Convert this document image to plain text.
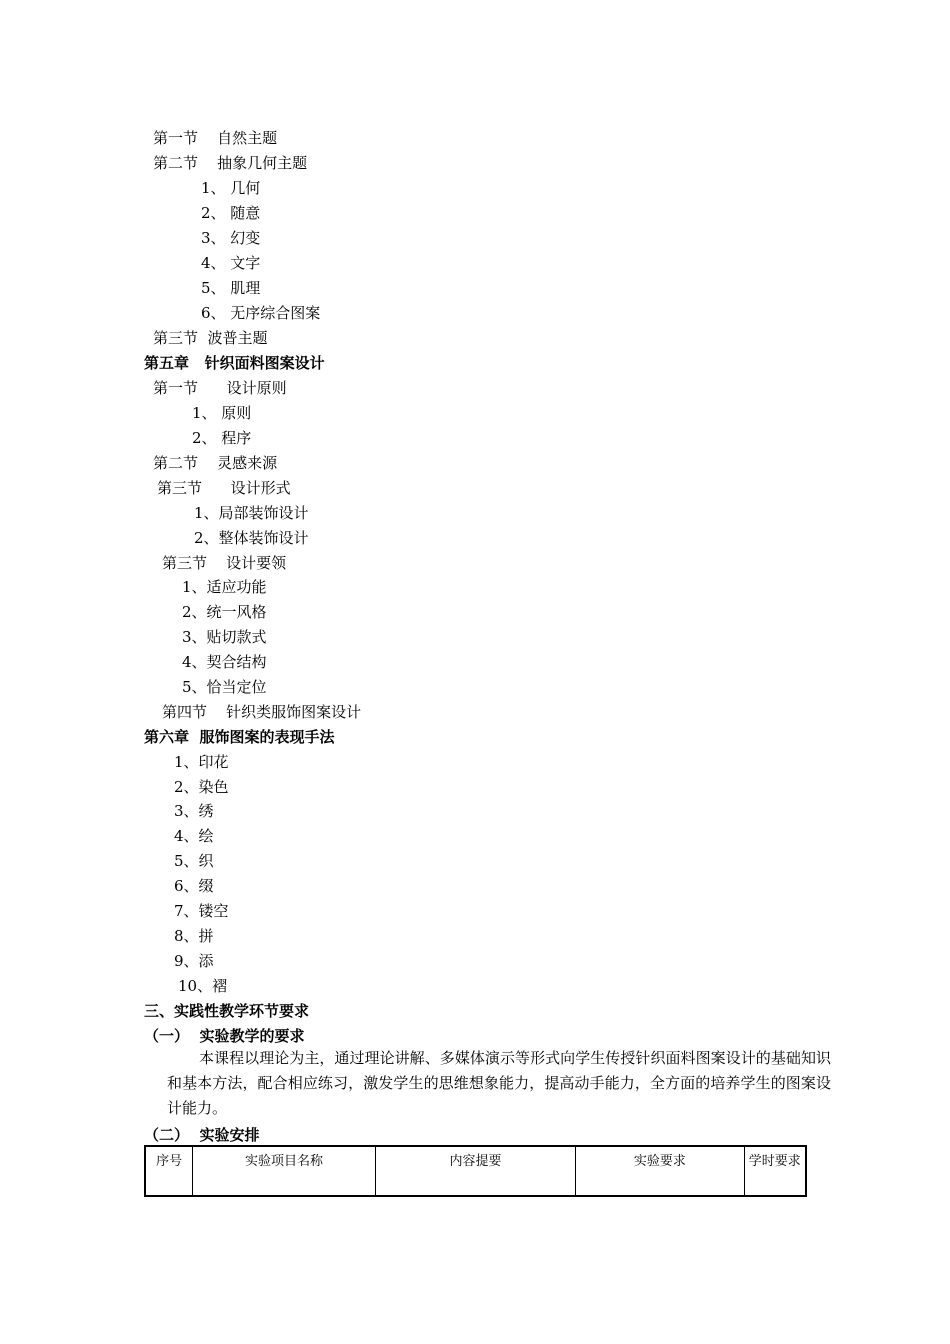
第一节    自然主题
第二节    抽象几何主题
1、 几何
2、 随意
3、 幻变
4、 文字
5、 肌理
6、 无序综合图案
第三节  波普主题
第五章   针织面料图案设计
第一节      设计原则
1、 原则
2、 程序
第二节    灵感来源
第三节      设计形式
1、局部装饰设计
2、整体装饰设计
第三节    设计要领
1、适应功能
2、统一风格
3、贴切款式
4、契合结构
5、恰当定位
第四节    针织类服饰图案设计
第六章  服饰图案的表现手法
1、印花
2、染色
3、绣
4、绘
5、织
6、缀
7、镂空
8、拼
9、添
10、褶
三、实践性教学环节要求
（一）  实验教学的要求
本课程以理论为主，通过理论讲解、多媒体演示等形式向学生传授针织面料图案设计的基础知识和基本方法，配合相应练习，激发学生的思维想象能力，提高动手能力，全方面的培养学生的图案设计能力。
（二）  实验安排
序号	实验项目名称	内容提要	实验要求	学时要求
